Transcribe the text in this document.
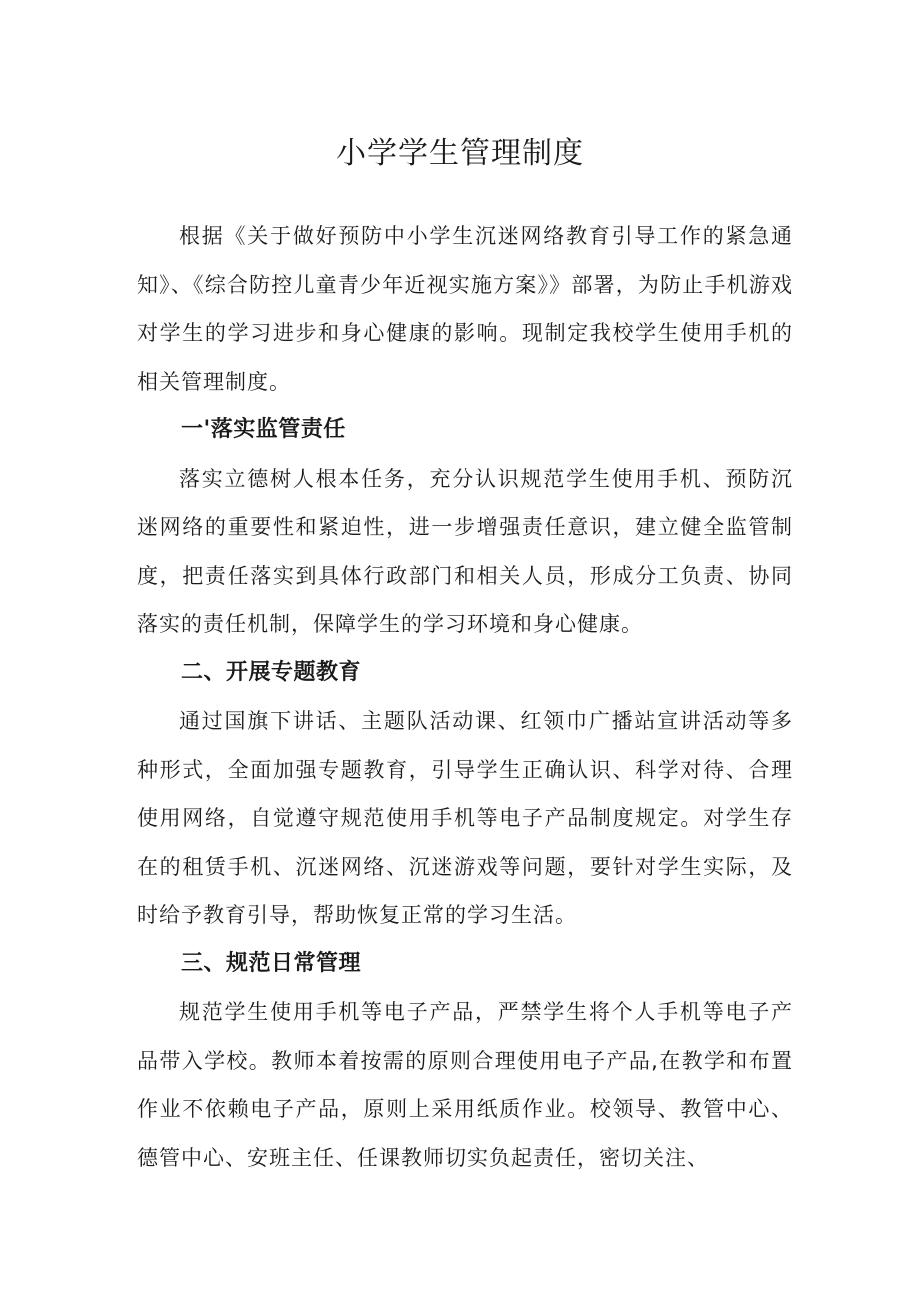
小学学生管理制度

根据《关于做好预防中小学生沉迷网络教育引导工作的紧急通知》、《综合防控儿童青少年近视实施方案》》部署，为防止手机游戏对学生的学习进步和身心健康的影响。现制定我校学生使用手机的相关管理制度。

一'落实监管责任

落实立德树人根本任务，充分认识规范学生使用手机、预防沉迷网络的重要性和紧迫性，进一步增强责任意识，建立健全监管制度，把责任落实到具体行政部门和相关人员，形成分工负责、协同落实的责任机制，保障学生的学习环境和身心健康。

二、开展专题教育

通过国旗下讲话、主题队活动课、红领巾广播站宣讲活动等多种形式，全面加强专题教育，引导学生正确认识、科学对待、合理使用网络，自觉遵守规范使用手机等电子产品制度规定。对学生存在的租赁手机、沉迷网络、沉迷游戏等问题，要针对学生实际，及时给予教育引导，帮助恢复正常的学习生活。

三、规范日常管理

规范学生使用手机等电子产品，严禁学生将个人手机等电子产品带入学校。教师本着按需的原则合理使用电子产品,在教学和布置作业不依赖电子产品，原则上采用纸质作业。校领导、教管中心、德管中心、安班主任、任课教师切实负起责任，密切关注、
